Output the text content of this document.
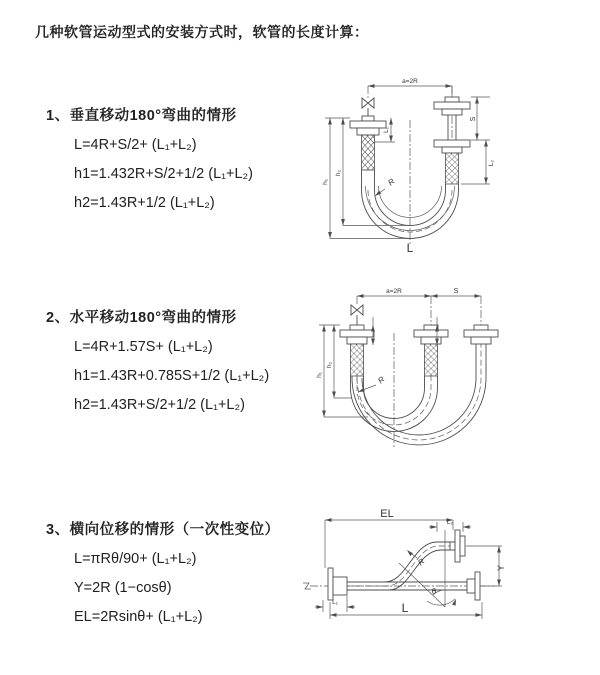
几种软管运动型式的安装方式时，软管的长度计算：

1、垂直移动180°弯曲的情形

L=4R+S/2+ (L₁+L₂)
h1=1.432R+S/2+1/2 (L₁+L₂)
h2=1.43R+1/2 (L₁+L₂)

2、水平移动180°弯曲的情形

L=4R+1.57S+ (L₁+L₂)
h1=1.43R+0.785S+1/2 (L₁+L₂)
h2=1.43R+S/2+1/2 (L₁+L₂)

3、横向位移的情形（一次性变位）

L=πRθ/90+ (L₁+L₂)
Y=2R (1−cosθ)
EL=2Rsinθ+ (L₁+L₂)
a=2R
L₁
S
L₂
h₁
h₂
R
L
a=2R	S
h₁
h₂
R
EL
L₂
Y
R
θ
L₁	L
